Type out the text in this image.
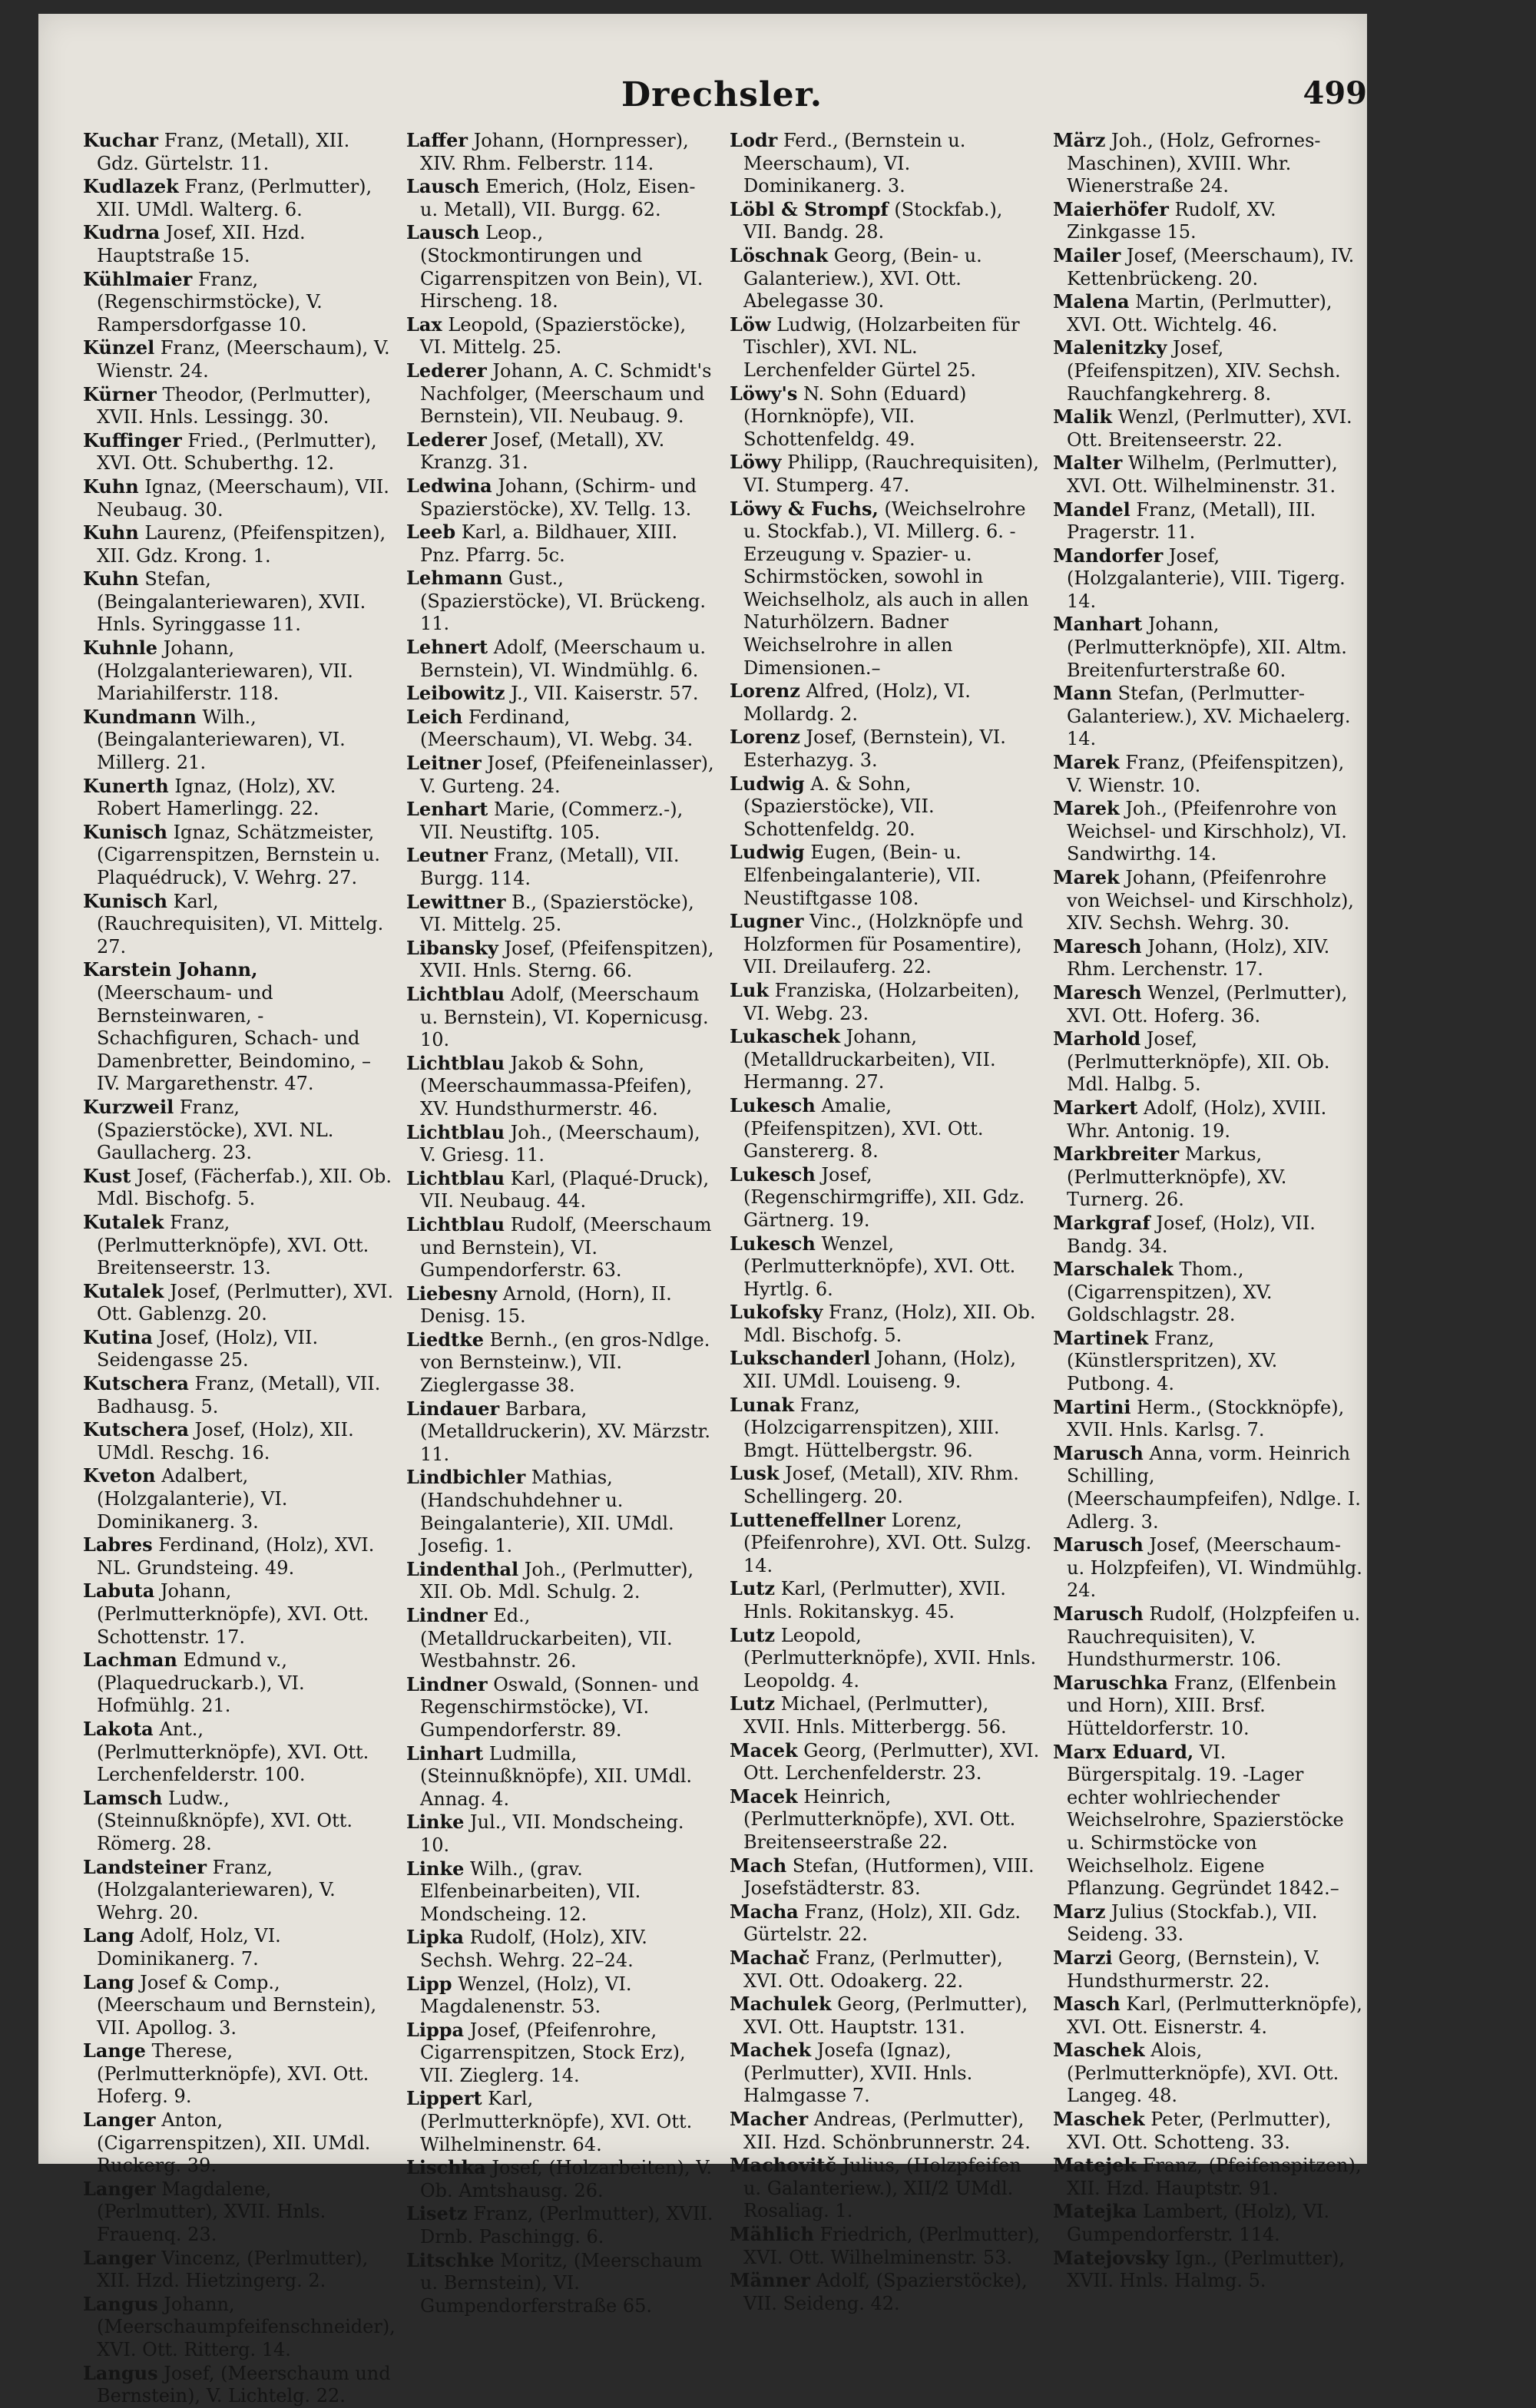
Drechsler.	499

Kuchar Franz, (Metall), XII. Gdz. Gürtelstr. 11.

Kudlazek Franz, (Perlmutter), XII. UMdl. Walterg. 6.

Kudrna Josef, XII. Hzd. Hauptstraße 15.

Kühlmaier Franz, (Regenschirmstöcke), V. Rampersdorfgasse 10.

Künzel Franz, (Meerschaum), V. Wienstr. 24.

Kürner Theodor, (Perlmutter), XVII. Hnls. Lessingg. 30.

Kuffinger Fried., (Perlmutter), XVI. Ott. Schuberthg. 12.

Kuhn Ignaz, (Meerschaum), VII. Neubaug. 30.

Kuhn Laurenz, (Pfeifenspitzen), XII. Gdz. Krong. 1.

Kuhn Stefan, (Beingalanteriewaren), XVII. Hnls. Syringgasse 11.

Kuhnle Johann, (Holzgalanteriewaren), VII. Mariahilferstr. 118.

Kundmann Wilh., (Beingalanteriewaren), VI. Millerg. 21.

Kunerth Ignaz, (Holz), XV. Robert Hamerlingg. 22.

Kunisch Ignaz, Schätzmeister, (Cigarrenspitzen, Bernstein u. Plaquédruck), V. Wehrg. 27.

Kunisch Karl, (Rauchrequisiten), VI. Mittelg. 27.

Karstein Johann, (Meerschaum- und Bernsteinwaren, -Schachfiguren, Schach- und Damenbretter, Beindomino, – IV. Margarethenstr. 47.

Kurzweil Franz, (Spazierstöcke), XVI. NL. Gaullacherg. 23.

Kust Josef, (Fächerfab.), XII. Ob. Mdl. Bischofg. 5.

Kutalek Franz, (Perlmutterknöpfe), XVI. Ott. Breitenseerstr. 13.

Kutalek Josef, (Perlmutter), XVI. Ott. Gablenzg. 20.

Kutina Josef, (Holz), VII. Seidengasse 25.

Kutschera Franz, (Metall), VII. Badhausg. 5.

Kutschera Josef, (Holz), XII. UMdl. Reschg. 16.

Kveton Adalbert, (Holzgalanterie), VI. Dominikanerg. 3.

Labres Ferdinand, (Holz), XVI. NL. Grundsteing. 49.

Labuta Johann, (Perlmutterknöpfe), XVI. Ott. Schottenstr. 17.

Lachman Edmund v., (Plaquedruckarb.), VI. Hofmühlg. 21.

Lakota Ant., (Perlmutterknöpfe), XVI. Ott. Lerchenfelderstr. 100.

Lamsch Ludw., (Steinnußknöpfe), XVI. Ott. Römerg. 28.

Landsteiner Franz, (Holzgalanteriewaren), V. Wehrg. 20.

Lang Adolf, Holz, VI. Dominikanerg. 7.

Lang Josef & Comp., (Meerschaum und Bernstein), VII. Apollog. 3.

Lange Therese, (Perlmutterknöpfe), XVI. Ott. Hoferg. 9.

Langer Anton, (Cigarrenspitzen), XII. UMdl. Ruckerg. 39.

Langer Magdalene, (Perlmutter), XVII. Hnls. Frauenq. 23.

Langer Vincenz, (Perlmutter), XII. Hzd. Hietzingerg. 2.

Langus Johann, (Meerschaumpfeifenschneider), XVI. Ott. Ritterg. 14.

Langus Josef, (Meerschaum und Bernstein), V. Lichtelg. 22.

Laffer Johann, (Hornpresser), XIV. Rhm. Felberstr. 114.

Lausch Emerich, (Holz, Eisen- u. Metall), VII. Burgg. 62.

Lausch Leop., (Stockmontirungen und Cigarrenspitzen von Bein), VI. Hirscheng. 18.

Lax Leopold, (Spazierstöcke), VI. Mittelg. 25.

Lederer Johann, A. C. Schmidt's Nachfolger, (Meerschaum und Bernstein), VII. Neubaug. 9.

Lederer Josef, (Metall), XV. Kranzg. 31.

Ledwina Johann, (Schirm- und Spazierstöcke), XV. Tellg. 13.

Leeb Karl, a. Bildhauer, XIII. Pnz. Pfarrg. 5c.

Lehmann Gust., (Spazierstöcke), VI. Brückeng. 11.

Lehnert Adolf, (Meerschaum u. Bernstein), VI. Windmühlg. 6.

Leibowitz J., VII. Kaiserstr. 57.

Leich Ferdinand, (Meerschaum), VI. Webg. 34.

Leitner Josef, (Pfeifeneinlasser), V. Gurteng. 24.

Lenhart Marie, (Commerz.-), VII. Neustiftg. 105.

Leutner Franz, (Metall), VII. Burgg. 114.

Lewittner B., (Spazierstöcke), VI. Mittelg. 25.

Libansky Josef, (Pfeifenspitzen), XVII. Hnls. Sterng. 66.

Lichtblau Adolf, (Meerschaum u. Bernstein), VI. Kopernicusg. 10.

Lichtblau Jakob & Sohn, (Meerschaummassa-Pfeifen), XV. Hundsthurmerstr. 46.

Lichtblau Joh., (Meerschaum), V. Griesg. 11.

Lichtblau Karl, (Plaqué-Druck), VII. Neubaug. 44.

Lichtblau Rudolf, (Meerschaum und Bernstein), VI. Gumpendorferstr. 63.

Liebesny Arnold, (Horn), II. Denisg. 15.

Liedtke Bernh., (en gros-Ndlge. von Bernsteinw.), VII. Zieglergasse 38.

Lindauer Barbara, (Metalldruckerin), XV. Märzstr. 11.

Lindbichler Mathias, (Handschuhdehner u. Beingalanterie), XII. UMdl. Josefig. 1.

Lindenthal Joh., (Perlmutter), XII. Ob. Mdl. Schulg. 2.

Lindner Ed., (Metalldruckarbeiten), VII. Westbahnstr. 26.

Lindner Oswald, (Sonnen- und Regenschirmstöcke), VI. Gumpendorferstr. 89.

Linhart Ludmilla, (Steinnußknöpfe), XII. UMdl. Annag. 4.

Linke Jul., VII. Mondscheing. 10.

Linke Wilh., (grav. Elfenbeinarbeiten), VII. Mondscheing. 12.

Lipka Rudolf, (Holz), XIV. Sechsh. Wehrg. 22–24.

Lipp Wenzel, (Holz), VI. Magdalenenstr. 53.

Lippa Josef, (Pfeifenrohre, Cigarrenspitzen, Stock Erz), VII. Zieglerg. 14.

Lippert Karl, (Perlmutterknöpfe), XVI. Ott. Wilhelminenstr. 64.

Lischka Josef, (Holzarbeiten), V. Ob. Amtshausg. 26.

Lisetz Franz, (Perlmutter), XVII. Drnb. Paschingg. 6.

Litschke Moritz, (Meerschaum u. Bernstein), VI. Gumpendorferstraße 65.

Lodr Ferd., (Bernstein u. Meerschaum), VI. Dominikanerg. 3.

Löbl & Strompf (Stockfab.), VII. Bandg. 28.

Löschnak Georg, (Bein- u. Galanteriew.), XVI. Ott. Abelegasse 30.

Löw Ludwig, (Holzarbeiten für Tischler), XVI. NL. Lerchenfelder Gürtel 25.

Löwy's N. Sohn (Eduard) (Hornknöpfe), VII. Schottenfeldg. 49.

Löwy Philipp, (Rauchrequisiten), VI. Stumperg. 47.

Löwy & Fuchs, (Weichselrohre u. Stockfab.), VI. Millerg. 6. -Erzeugung v. Spazier- u. Schirmstöcken, sowohl in Weichselholz, als auch in allen Naturhölzern. Badner Weichselrohre in allen Dimensionen.–

Lorenz Alfred, (Holz), VI. Mollardg. 2.

Lorenz Josef, (Bernstein), VI. Esterhazyg. 3.

Ludwig A. & Sohn, (Spazierstöcke), VII. Schottenfeldg. 20.

Ludwig Eugen, (Bein- u. Elfenbeingalanterie), VII. Neustiftgasse 108.

Lugner Vinc., (Holzknöpfe und Holzformen für Posamentire), VII. Dreilauferg. 22.

Luk Franziska, (Holzarbeiten), VI. Webg. 23.

Lukaschek Johann, (Metalldruckarbeiten), VII. Hermanng. 27.

Lukesch Amalie, (Pfeifenspitzen), XVI. Ott. Ganstererg. 8.

Lukesch Josef, (Regenschirmgriffe), XII. Gdz. Gärtnerg. 19.

Lukesch Wenzel, (Perlmutterknöpfe), XVI. Ott. Hyrtlg. 6.

Lukofsky Franz, (Holz), XII. Ob. Mdl. Bischofg. 5.

Lukschanderl Johann, (Holz), XII. UMdl. Louiseng. 9.

Lunak Franz, (Holzcigarrenspitzen), XIII. Bmgt. Hüttelbergstr. 96.

Lusk Josef, (Metall), XIV. Rhm. Schellingerg. 20.

Lutteneffellner Lorenz, (Pfeifenrohre), XVI. Ott. Sulzg. 14.

Lutz Karl, (Perlmutter), XVII. Hnls. Rokitanskyg. 45.

Lutz Leopold, (Perlmutterknöpfe), XVII. Hnls. Leopoldg. 4.

Lutz Michael, (Perlmutter), XVII. Hnls. Mitterbergg. 56.

Macek Georg, (Perlmutter), XVI. Ott. Lerchenfelderstr. 23.

Macek Heinrich, (Perlmutterknöpfe), XVI. Ott. Breitenseerstraße 22.

Mach Stefan, (Hutformen), VIII. Josefstädterstr. 83.

Macha Franz, (Holz), XII. Gdz. Gürtelstr. 22.

Machač Franz, (Perlmutter), XVI. Ott. Odoakerg. 22.

Machulek Georg, (Perlmutter), XVI. Ott. Hauptstr. 131.

Machek Josefa (Ignaz), (Perlmutter), XVII. Hnls. Halmgasse 7.

Macher Andreas, (Perlmutter), XII. Hzd. Schönbrunnerstr. 24.

Machovitč Julius, (Holzpfeifen u. Galanteriew.), XII/2 UMdl. Rosaliag. 1.

Mählich Friedrich, (Perlmutter), XVI. Ott. Wilhelminenstr. 53.

Männer Adolf, (Spazierstöcke), VII. Seideng. 42.

März Joh., (Holz, Gefrornes-Maschinen), XVIII. Whr. Wienerstraße 24.

Maierhöfer Rudolf, XV. Zinkgasse 15.

Mailer Josef, (Meerschaum), IV. Kettenbrückeng. 20.

Malena Martin, (Perlmutter), XVI. Ott. Wichtelg. 46.

Malenitzky Josef, (Pfeifenspitzen), XIV. Sechsh. Rauchfangkehrerg. 8.

Malik Wenzl, (Perlmutter), XVI. Ott. Breitenseerstr. 22.

Malter Wilhelm, (Perlmutter), XVI. Ott. Wilhelminenstr. 31.

Mandel Franz, (Metall), III. Pragerstr. 11.

Mandorfer Josef, (Holzgalanterie), VIII. Tigerg. 14.

Manhart Johann, (Perlmutterknöpfe), XII. Altm. Breitenfurterstraße 60.

Mann Stefan, (Perlmutter-Galanteriew.), XV. Michaelerg. 14.

Marek Franz, (Pfeifenspitzen), V. Wienstr. 10.

Marek Joh., (Pfeifenrohre von Weichsel- und Kirschholz), VI. Sandwirthg. 14.

Marek Johann, (Pfeifenrohre von Weichsel- und Kirschholz), XIV. Sechsh. Wehrg. 30.

Maresch Johann, (Holz), XIV. Rhm. Lerchenstr. 17.

Maresch Wenzel, (Perlmutter), XVI. Ott. Hoferg. 36.

Marhold Josef, (Perlmutterknöpfe), XII. Ob. Mdl. Halbg. 5.

Markert Adolf, (Holz), XVIII. Whr. Antonig. 19.

Markbreiter Markus, (Perlmutterknöpfe), XV. Turnerg. 26.

Markgraf Josef, (Holz), VII. Bandg. 34.

Marschalek Thom., (Cigarrenspitzen), XV. Goldschlagstr. 28.

Martinek Franz, (Künstlerspritzen), XV. Putbong. 4.

Martini Herm., (Stockknöpfe), XVII. Hnls. Karlsg. 7.

Marusch Anna, vorm. Heinrich Schilling, (Meerschaumpfeifen), Ndlge. I. Adlerg. 3.

Marusch Josef, (Meerschaum- u. Holzpfeifen), VI. Windmühlg. 24.

Marusch Rudolf, (Holzpfeifen u. Rauchrequisiten), V. Hundsthurmerstr. 106.

Maruschka Franz, (Elfenbein und Horn), XIII. Brsf. Hütteldorferstr. 10.

Marx Eduard, VI. Bürgerspitalg. 19. -Lager echter wohlriechender Weichselrohre, Spazierstöcke u. Schirmstöcke von Weichselholz. Eigene Pflanzung. Gegründet 1842.–

Marz Julius (Stockfab.), VII. Seideng. 33.

Marzi Georg, (Bernstein), V. Hundsthurmerstr. 22.

Masch Karl, (Perlmutterknöpfe), XVI. Ott. Eisnerstr. 4.

Maschek Alois, (Perlmutterknöpfe), XVI. Ott. Langeg. 48.

Maschek Peter, (Perlmutter), XVI. Ott. Schotteng. 33.

Matejek Franz, (Pfeifenspitzen), XII. Hzd. Hauptstr. 91.

Matejka Lambert, (Holz), VI. Gumpendorferstr. 114.

Matejovsky Ign., (Perlmutter), XVII. Hnls. Halmg. 5.
